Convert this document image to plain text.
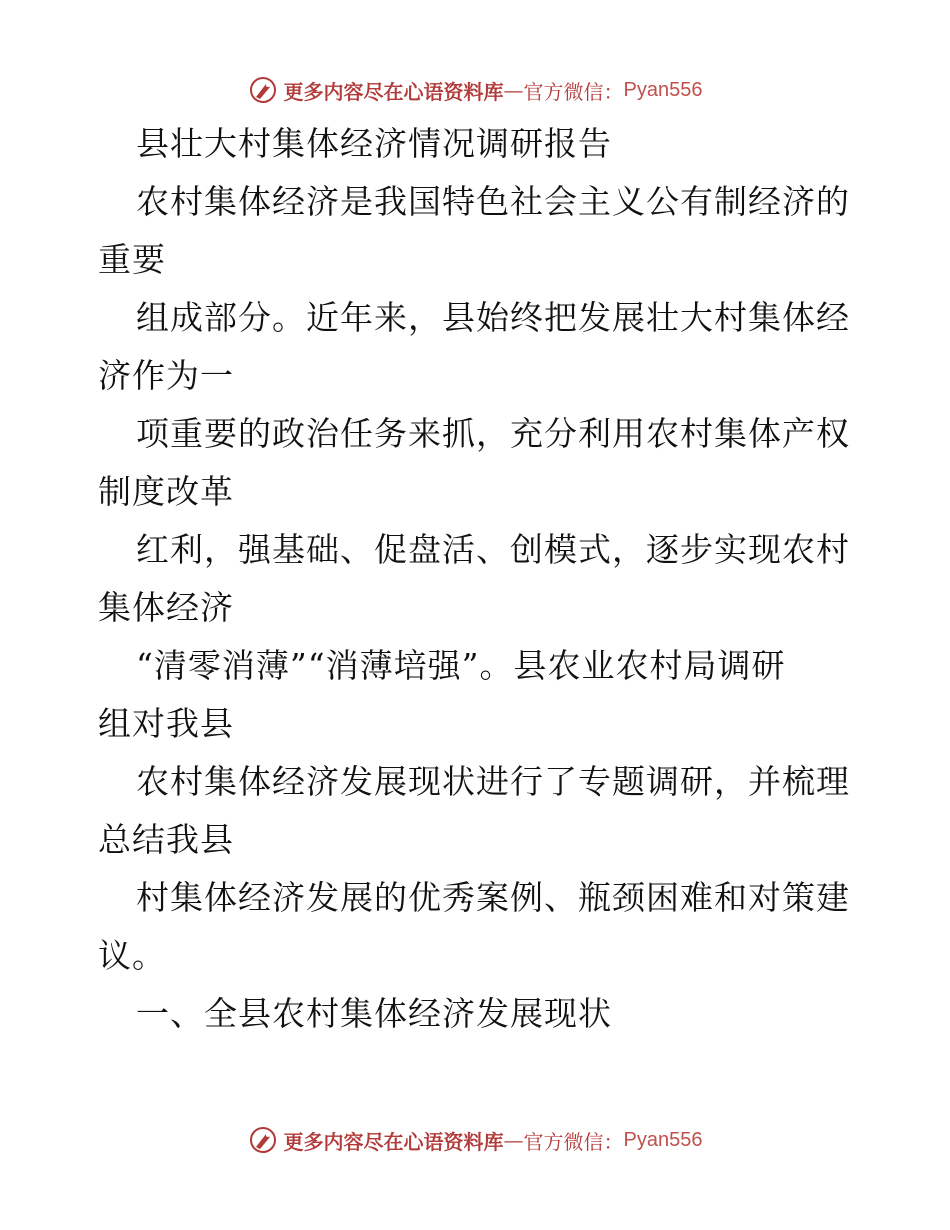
更多内容尽在心语资料库 — 官方微信： Pyan556
县壮大村集体经济情况调研报告
农村集体经济是我国特色社会主义公有制经济的
重要
组成部分。近年来，县始终把发展壮大村集体经
济作为一
项重要的政治任务来抓，充分利用农村集体产权
制度改革
红利，强基础、促盘活、创模式，逐步实现农村
集体经济
“清零消薄”“消薄培强”。县农业农村局调研
组对我县
农村集体经济发展现状进行了专题调研，并梳理
总结我县
村集体经济发展的优秀案例、瓶颈困难和对策建
议。
一、全县农村集体经济发展现状
更多内容尽在心语资料库 — 官方微信： Pyan556
